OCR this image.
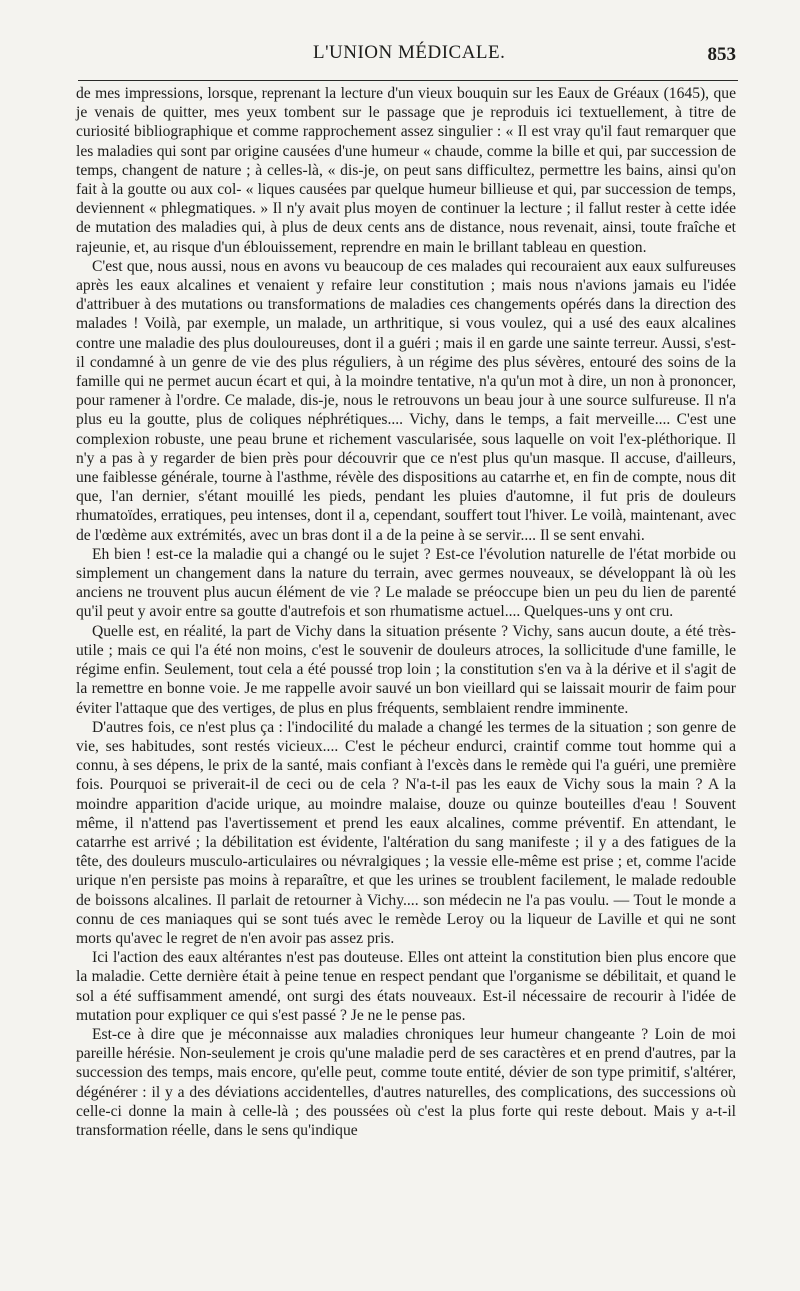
L'UNION MÉDICALE.	853

de mes impressions, lorsque, reprenant la lecture d'un vieux bouquin sur les Eaux de Gréaux (1645), que je venais de quitter, mes yeux tombent sur le passage que je reproduis ici textuellement, à titre de curiosité bibliographique et comme rapprochement assez singulier : « Il est vray qu'il faut remarquer que les maladies qui sont par origine causées d'une humeur « chaude, comme la bille et qui, par succession de temps, changent de nature ; à celles-là, « dis-je, on peut sans difficultez, permettre les bains, ainsi qu'on fait à la goutte ou aux col- « liques causées par quelque humeur billieuse et qui, par succession de temps, deviennent « phlegmatiques. » Il n'y avait plus moyen de continuer la lecture ; il fallut rester à cette idée de mutation des maladies qui, à plus de deux cents ans de distance, nous revenait, ainsi, toute fraîche et rajeunie, et, au risque d'un éblouissement, reprendre en main le brillant tableau en question.

C'est que, nous aussi, nous en avons vu beaucoup de ces malades qui recouraient aux eaux sulfureuses après les eaux alcalines et venaient y refaire leur constitution ; mais nous n'avions jamais eu l'idée d'attribuer à des mutations ou transformations de maladies ces changements opérés dans la direction des malades ! Voilà, par exemple, un malade, un arthritique, si vous voulez, qui a usé des eaux alcalines contre une maladie des plus douloureuses, dont il a guéri ; mais il en garde une sainte terreur. Aussi, s'est-il condamné à un genre de vie des plus réguliers, à un régime des plus sévères, entouré des soins de la famille qui ne permet aucun écart et qui, à la moindre tentative, n'a qu'un mot à dire, un non à prononcer, pour ramener à l'ordre. Ce malade, dis-je, nous le retrouvons un beau jour à une source sulfureuse. Il n'a plus eu la goutte, plus de coliques néphrétiques.... Vichy, dans le temps, a fait merveille.... C'est une complexion robuste, une peau brune et richement vascularisée, sous laquelle on voit l'ex-pléthorique. Il n'y a pas à y regarder de bien près pour découvrir que ce n'est plus qu'un masque. Il accuse, d'ailleurs, une faiblesse générale, tourne à l'asthme, révèle des dispositions au catarrhe et, en fin de compte, nous dit que, l'an dernier, s'étant mouillé les pieds, pendant les pluies d'automne, il fut pris de douleurs rhumatoïdes, erratiques, peu intenses, dont il a, cependant, souffert tout l'hiver. Le voilà, maintenant, avec de l'œdème aux extrémités, avec un bras dont il a de la peine à se servir.... Il se sent envahi.

Eh bien ! est-ce la maladie qui a changé ou le sujet ? Est-ce l'évolution naturelle de l'état morbide ou simplement un changement dans la nature du terrain, avec germes nouveaux, se développant là où les anciens ne trouvent plus aucun élément de vie ? Le malade se préoccupe bien un peu du lien de parenté qu'il peut y avoir entre sa goutte d'autrefois et son rhumatisme actuel.... Quelques-uns y ont cru.

Quelle est, en réalité, la part de Vichy dans la situation présente ? Vichy, sans aucun doute, a été très-utile ; mais ce qui l'a été non moins, c'est le souvenir de douleurs atroces, la sollicitude d'une famille, le régime enfin. Seulement, tout cela a été poussé trop loin ; la constitution s'en va à la dérive et il s'agit de la remettre en bonne voie. Je me rappelle avoir sauvé un bon vieillard qui se laissait mourir de faim pour éviter l'attaque que des vertiges, de plus en plus fréquents, semblaient rendre imminente.

D'autres fois, ce n'est plus ça : l'indocilité du malade a changé les termes de la situation ; son genre de vie, ses habitudes, sont restés vicieux.... C'est le pécheur endurci, craintif comme tout homme qui a connu, à ses dépens, le prix de la santé, mais confiant à l'excès dans le remède qui l'a guéri, une première fois. Pourquoi se priverait-il de ceci ou de cela ? N'a-t-il pas les eaux de Vichy sous la main ? A la moindre apparition d'acide urique, au moindre malaise, douze ou quinze bouteilles d'eau ! Souvent même, il n'attend pas l'avertissement et prend les eaux alcalines, comme préventif. En attendant, le catarrhe est arrivé ; la débilitation est évidente, l'altération du sang manifeste ; il y a des fatigues de la tête, des douleurs musculo-articulaires ou névralgiques ; la vessie elle-même est prise ; et, comme l'acide urique n'en persiste pas moins à reparaître, et que les urines se troublent facilement, le malade redouble de boissons alcalines. Il parlait de retourner à Vichy.... son médecin ne l'a pas voulu. — Tout le monde a connu de ces maniaques qui se sont tués avec le remède Leroy ou la liqueur de Laville et qui ne sont morts qu'avec le regret de n'en avoir pas assez pris.

Ici l'action des eaux altérantes n'est pas douteuse. Elles ont atteint la constitution bien plus encore que la maladie. Cette dernière était à peine tenue en respect pendant que l'organisme se débilitait, et quand le sol a été suffisamment amendé, ont surgi des états nouveaux. Est-il nécessaire de recourir à l'idée de mutation pour expliquer ce qui s'est passé ? Je ne le pense pas.

Est-ce à dire que je méconnaisse aux maladies chroniques leur humeur changeante ? Loin de moi pareille hérésie. Non-seulement je crois qu'une maladie perd de ses caractères et en prend d'autres, par la succession des temps, mais encore, qu'elle peut, comme toute entité, dévier de son type primitif, s'altérer, dégénérer : il y a des déviations accidentelles, d'autres naturelles, des complications, des successions où celle-ci donne la main à celle-là ; des poussées où c'est la plus forte qui reste debout. Mais y a-t-il transformation réelle, dans le sens qu'indique
